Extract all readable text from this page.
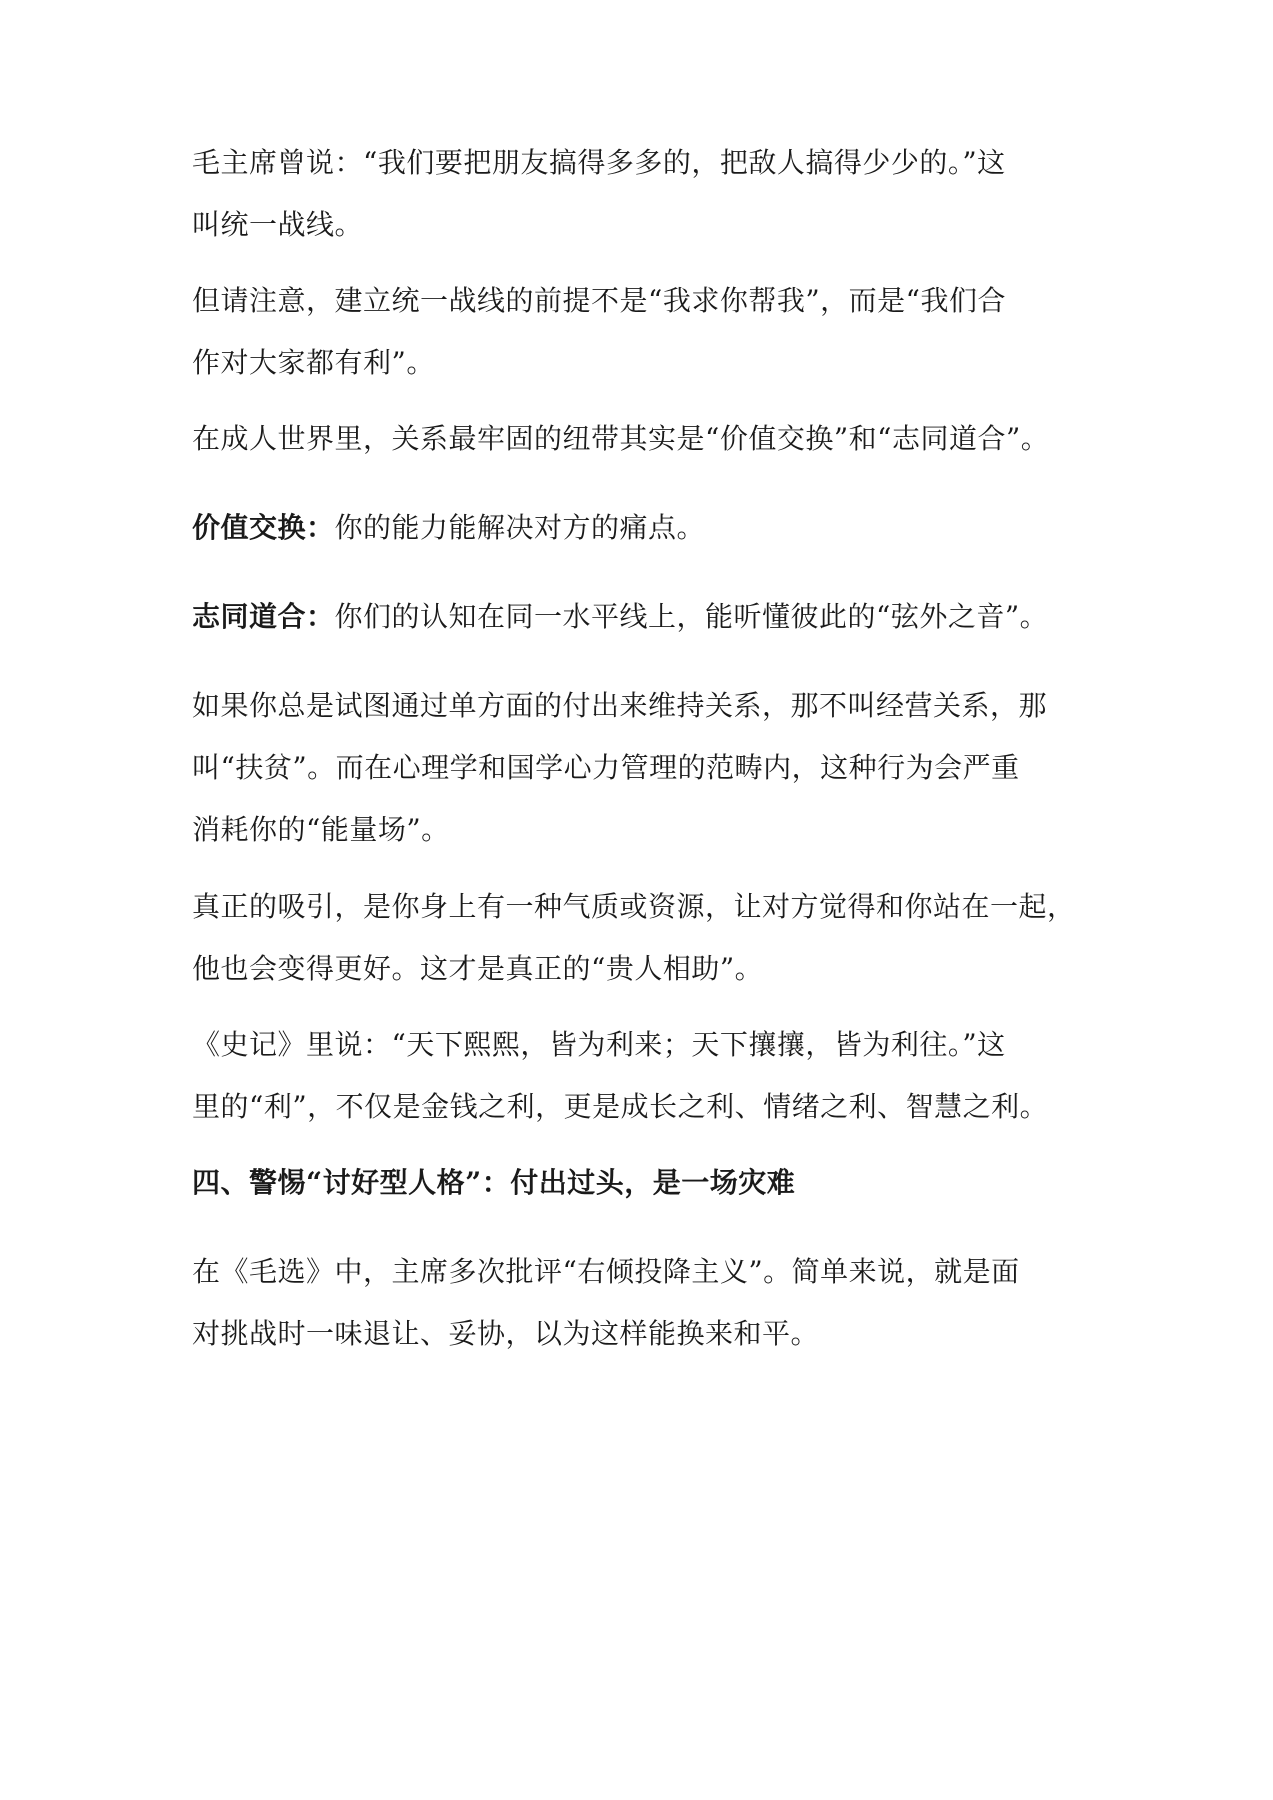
毛主席曾说：“我们要把朋友搞得多多的，把敌人搞得少少的。”这
叫统一战线。

但请注意，建立统一战线的前提不是“我求你帮我”，而是“我们合
作对大家都有利”。

在成人世界里，关系最牢固的纽带其实是“价值交换”和“志同道合”。

价值交换：你的能力能解决对方的痛点。

志同道合：你们的认知在同一水平线上，能听懂彼此的“弦外之音”。

如果你总是试图通过单方面的付出来维持关系，那不叫经营关系，那
叫“扶贫”。而在心理学和国学心力管理的范畴内，这种行为会严重
消耗你的“能量场”。

真正的吸引，是你身上有一种气质或资源，让对方觉得和你站在一起，
他也会变得更好。这才是真正的“贵人相助”。

《史记》里说：“天下熙熙，皆为利来；天下攘攘，皆为利往。”这
里的“利”，不仅是金钱之利，更是成长之利、情绪之利、智慧之利。

四、警惕“讨好型人格”：付出过头，是一场灾难

在《毛选》中，主席多次批评“右倾投降主义”。简单来说，就是面
对挑战时一味退让、妥协，以为这样能换来和平。
